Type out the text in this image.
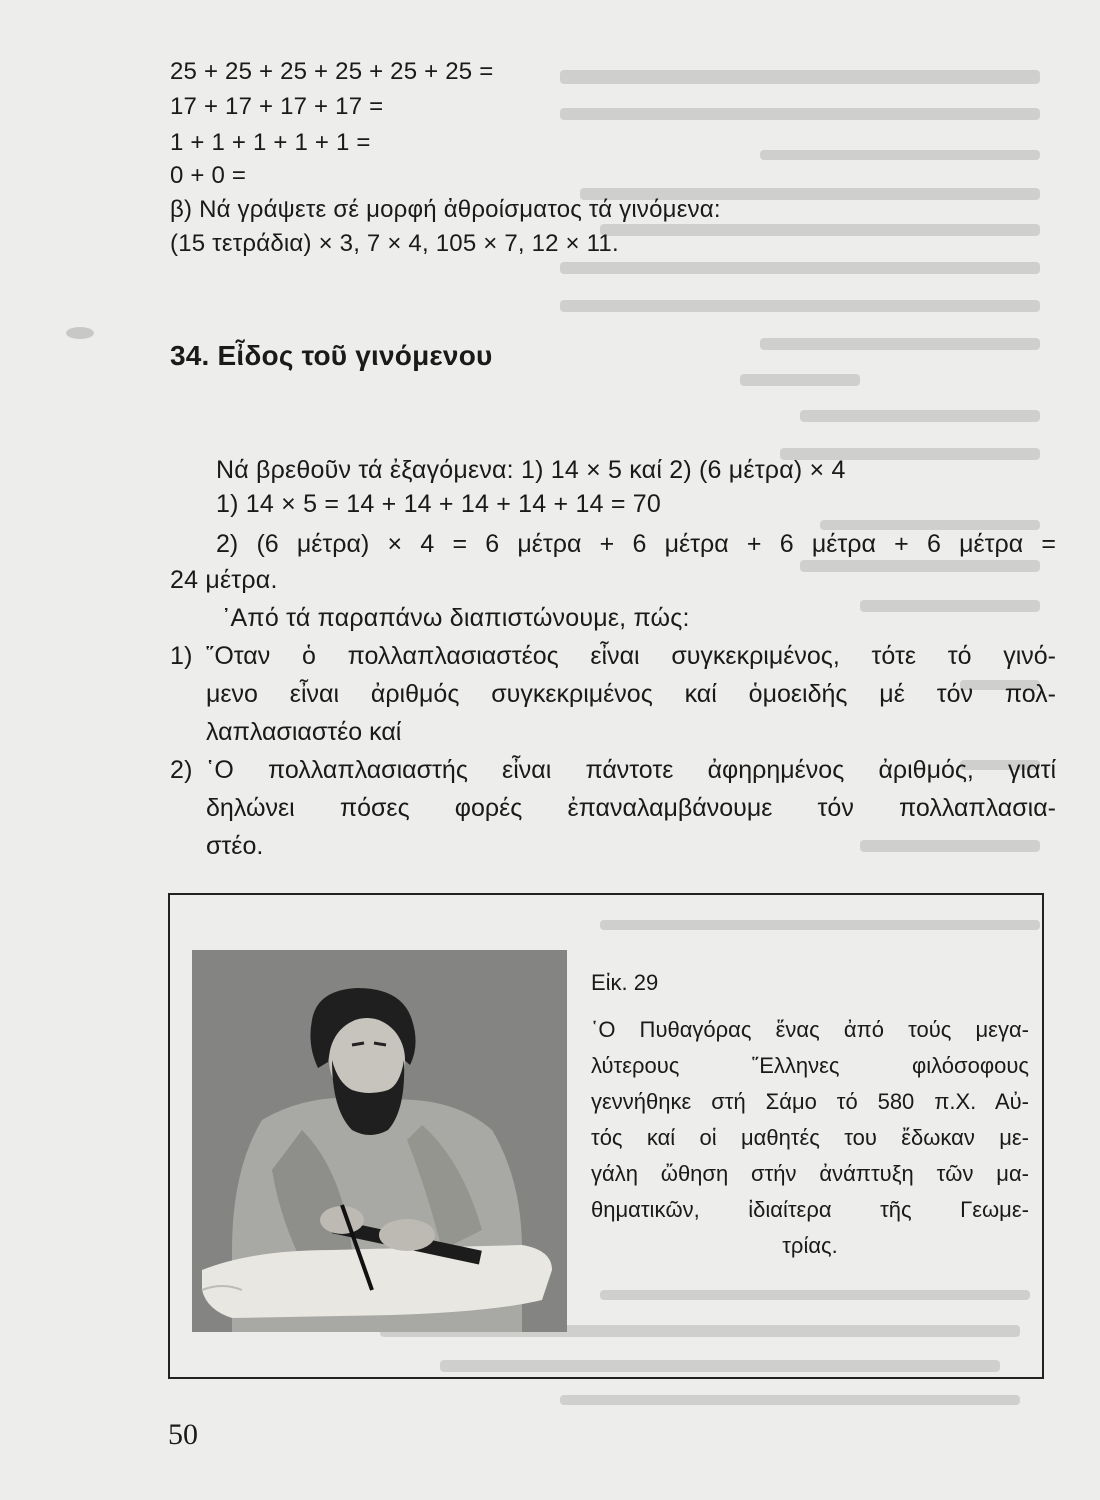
25 + 25 + 25 + 25 + 25 + 25 =
17 + 17 + 17 + 17 =
1 + 1 + 1 + 1 + 1 =
0 + 0 =
β) Νά γράψετε σέ μορφή ἀθροίσματος τά γινόμενα:
(15 τετράδια) × 3, 7 × 4, 105 × 7, 12 × 11.
34. Εἶδος τοῦ γινόμενου
Νά βρεθοῦν τά ἐξαγόμενα: 1) 14 × 5 καί 2) (6 μέτρα) × 4
1) 14 × 5 = 14 + 14 + 14 + 14 + 14 = 70
2) (6 μέτρα) × 4 = 6 μέτρα + 6 μέτρα + 6 μέτρα + 6 μέτρα =
24 μέτρα.
᾿Από τά παραπάνω διαπιστώνουμε, πώς:
1) ῞Οταν ὁ πολλαπλασιαστέος εἶναι συγκεκριμένος, τότε τό γινό-
μενο εἶναι ἀριθμός συγκεκριμένος καί ὁμοειδής μέ τόν πολ-
λαπλασιαστέο καί
2) ῾Ο πολλαπλασιαστής εἶναι πάντοτε ἀφηρημένος ἀριθμός, γιατί
δηλώνει πόσες φορές ἐπαναλαμβάνουμε τόν πολλαπλασια-
στέο.
Εἰκ. 29
῾Ο Πυθαγόρας ἕνας ἀπό τούς μεγα-
λύτερους ῞Ελληνες φιλόσοφους
γεννήθηκε στή Σάμο τό 580 π.Χ. Αὐ-
τός καί οἱ μαθητές του ἔδωκαν με-
γάλη ὤθηση στήν ἀνάπτυξη τῶν μα-
θηματικῶν, ἰδιαίτερα τῆς Γεωμε-
τρίας.
50
